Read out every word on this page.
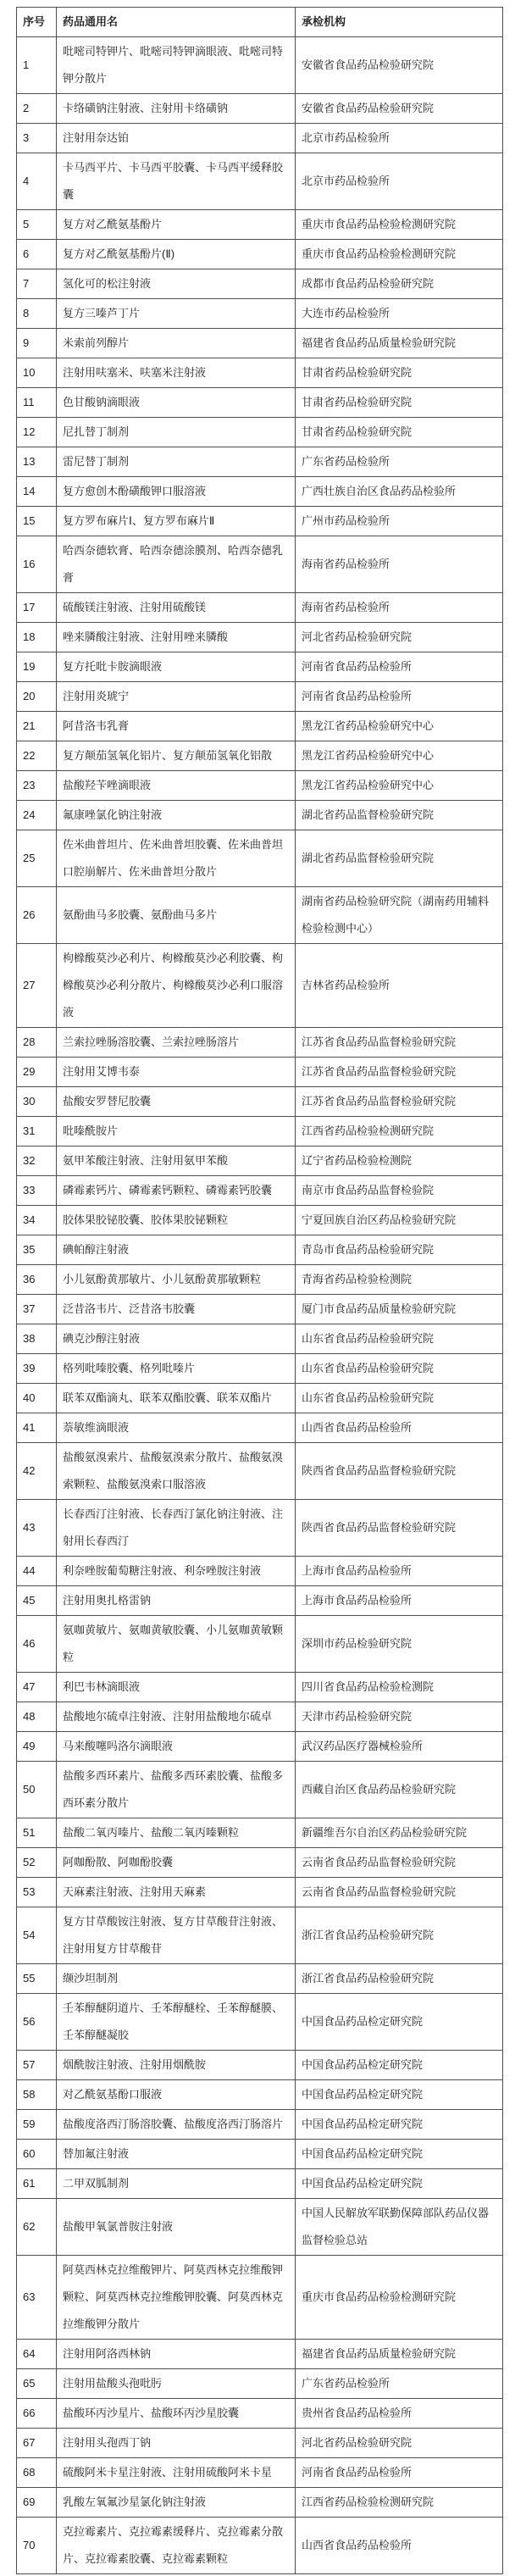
序号	药品通用名	承检机构
1	吡嘧司特钾片、吡嘧司特钾滴眼液、吡嘧司特钾分散片	安徽省食品药品检验研究院
2	卡络磺钠注射液、注射用卡络磺钠	安徽省食品药品检验研究院
3	注射用奈达铂	北京市药品检验所
4	卡马西平片、卡马西平胶囊、卡马西平缓释胶囊	北京市药品检验所
5	复方对乙酰氨基酚片	重庆市食品药品检验检测研究院
6	复方对乙酰氨基酚片(Ⅱ)	重庆市食品药品检验检测研究院
7	氢化可的松注射液	成都市食品药品检验研究院
8	复方三嗪芦丁片	大连市药品检验所
9	米索前列醇片	福建省食品药品质量检验研究院
10	注射用呋塞米、呋塞米注射液	甘肃省药品检验研究院
11	色甘酸钠滴眼液	甘肃省药品检验研究院
12	尼扎替丁制剂	甘肃省药品检验研究院
13	雷尼替丁制剂	广东省药品检验所
14	复方愈创木酚磺酸钾口服溶液	广西壮族自治区食品药品检验所
15	复方罗布麻片Ⅰ、复方罗布麻片Ⅱ	广州市药品检验所
16	哈西奈德软膏、哈西奈德涂膜剂、哈西奈德乳膏	海南省药品检验所
17	硫酸镁注射液、注射用硫酸镁	海南省药品检验所
18	唑来膦酸注射液、注射用唑来膦酸	河北省药品检验研究院
19	复方托吡卡胺滴眼液	河南省食品药品检验所
20	注射用炎琥宁	河南省食品药品检验所
21	阿昔洛韦乳膏	黑龙江省药品检验研究中心
22	复方颠茄氢氧化铝片、复方颠茄氢氧化铝散	黑龙江省药品检验研究中心
23	盐酸羟苄唑滴眼液	黑龙江省药品检验研究中心
24	氟康唑氯化钠注射液	湖北省药品监督检验研究院
25	佐米曲普坦片、佐米曲普坦胶囊、佐米曲普坦口腔崩解片、佐米曲普坦分散片	湖北省药品监督检验研究院
26	氨酚曲马多胶囊、氨酚曲马多片	湖南省药品检验研究院（湖南药用辅料检验检测中心）
27	枸橼酸莫沙必利片、枸橼酸莫沙必利胶囊、枸橼酸莫沙必利分散片、枸橼酸莫沙必利口服溶液	吉林省药品检验所
28	兰索拉唑肠溶胶囊、兰索拉唑肠溶片	江苏省食品药品监督检验研究院
29	注射用艾博韦泰	江苏省食品药品监督检验研究院
30	盐酸安罗替尼胶囊	江苏省食品药品监督检验研究院
31	吡嗪酰胺片	江西省药品检验检测研究院
32	氨甲苯酸注射液、注射用氨甲苯酸	辽宁省药品检验检测院
33	磷霉素钙片、磷霉素钙颗粒、磷霉素钙胶囊	南京市食品药品监督检验院
34	胶体果胶铋胶囊、胶体果胶铋颗粒	宁夏回族自治区药品检验研究院
35	碘帕醇注射液	青岛市食品药品检验研究院
36	小儿氨酚黄那敏片、小儿氨酚黄那敏颗粒	青海省药品检验检测院
37	泛昔洛韦片、泛昔洛韦胶囊	厦门市食品药品质量检验研究院
38	碘克沙醇注射液	山东省食品药品检验研究院
39	格列吡嗪胶囊、格列吡嗪片	山东省食品药品检验研究院
40	联苯双酯滴丸、联苯双酯胶囊、联苯双酯片	山东省食品药品检验研究院
41	萘敏维滴眼液	山西省食品药品检验所
42	盐酸氨溴索片、盐酸氨溴索分散片、盐酸氨溴索颗粒、盐酸氨溴索口服溶液	陕西省食品药品监督检验研究院
43	长春西汀注射液、长春西汀氯化钠注射液、注射用长春西汀	陕西省食品药品监督检验研究院
44	利奈唑胺葡萄糖注射液、利奈唑胺注射液	上海市食品药品检验所
45	注射用奥扎格雷钠	上海市食品药品检验所
46	氨咖黄敏片、氨咖黄敏胶囊、小儿氨咖黄敏颗粒	深圳市药品检验研究院
47	利巴韦林滴眼液	四川省食品药品检验检测院
48	盐酸地尔硫卓注射液、注射用盐酸地尔硫卓	天津市药品检验研究院
49	马来酸噻吗洛尔滴眼液	武汉药品医疗器械检验所
50	盐酸多西环素片、盐酸多西环素胶囊、盐酸多西环素分散片	西藏自治区食品药品检验研究院
51	盐酸二氧丙嗪片、盐酸二氧丙嗪颗粒	新疆维吾尔自治区药品检验研究院
52	阿咖酚散、阿咖酚胶囊	云南省食品药品监督检验研究院
53	天麻素注射液、注射用天麻素	云南省食品药品监督检验研究院
54	复方甘草酸铵注射液、复方甘草酸苷注射液、注射用复方甘草酸苷	浙江省食品药品检验研究院
55	缬沙坦制剂	浙江省食品药品检验研究院
56	壬苯醇醚阴道片、壬苯醇醚栓、壬苯醇醚膜、壬苯醇醚凝胶	中国食品药品检定研究院
57	烟酰胺注射液、注射用烟酰胺	中国食品药品检定研究院
58	对乙酰氨基酚口服液	中国食品药品检定研究院
59	盐酸度洛西汀肠溶胶囊、盐酸度洛西汀肠溶片	中国食品药品检定研究院
60	替加氟注射液	中国食品药品检定研究院
61	二甲双胍制剂	中国食品药品检定研究院
62	盐酸甲氧氯普胺注射液	中国人民解放军联勤保障部队药品仪器监督检验总站
63	阿莫西林克拉维酸钾片、阿莫西林克拉维酸钾颗粒、阿莫西林克拉维酸钾胶囊、阿莫西林克拉维酸钾分散片	重庆市食品药品检验检测研究院
64	注射用阿洛西林钠	福建省食品药品质量检验研究院
65	注射用盐酸头孢吡肟	广东省药品检验所
66	盐酸环丙沙星片、盐酸环丙沙星胶囊	贵州省食品药品检验所
67	注射用头孢西丁钠	河北省药品检验研究院
68	硫酸阿米卡星注射液、注射用硫酸阿米卡星	河南省食品药品检验所
69	乳酸左氧氟沙星氯化钠注射液	江西省药品检验检测研究院
70	克拉霉素片、克拉霉素缓释片、克拉霉素分散片、克拉霉素胶囊、克拉霉素颗粒	山西省食品药品检验所
